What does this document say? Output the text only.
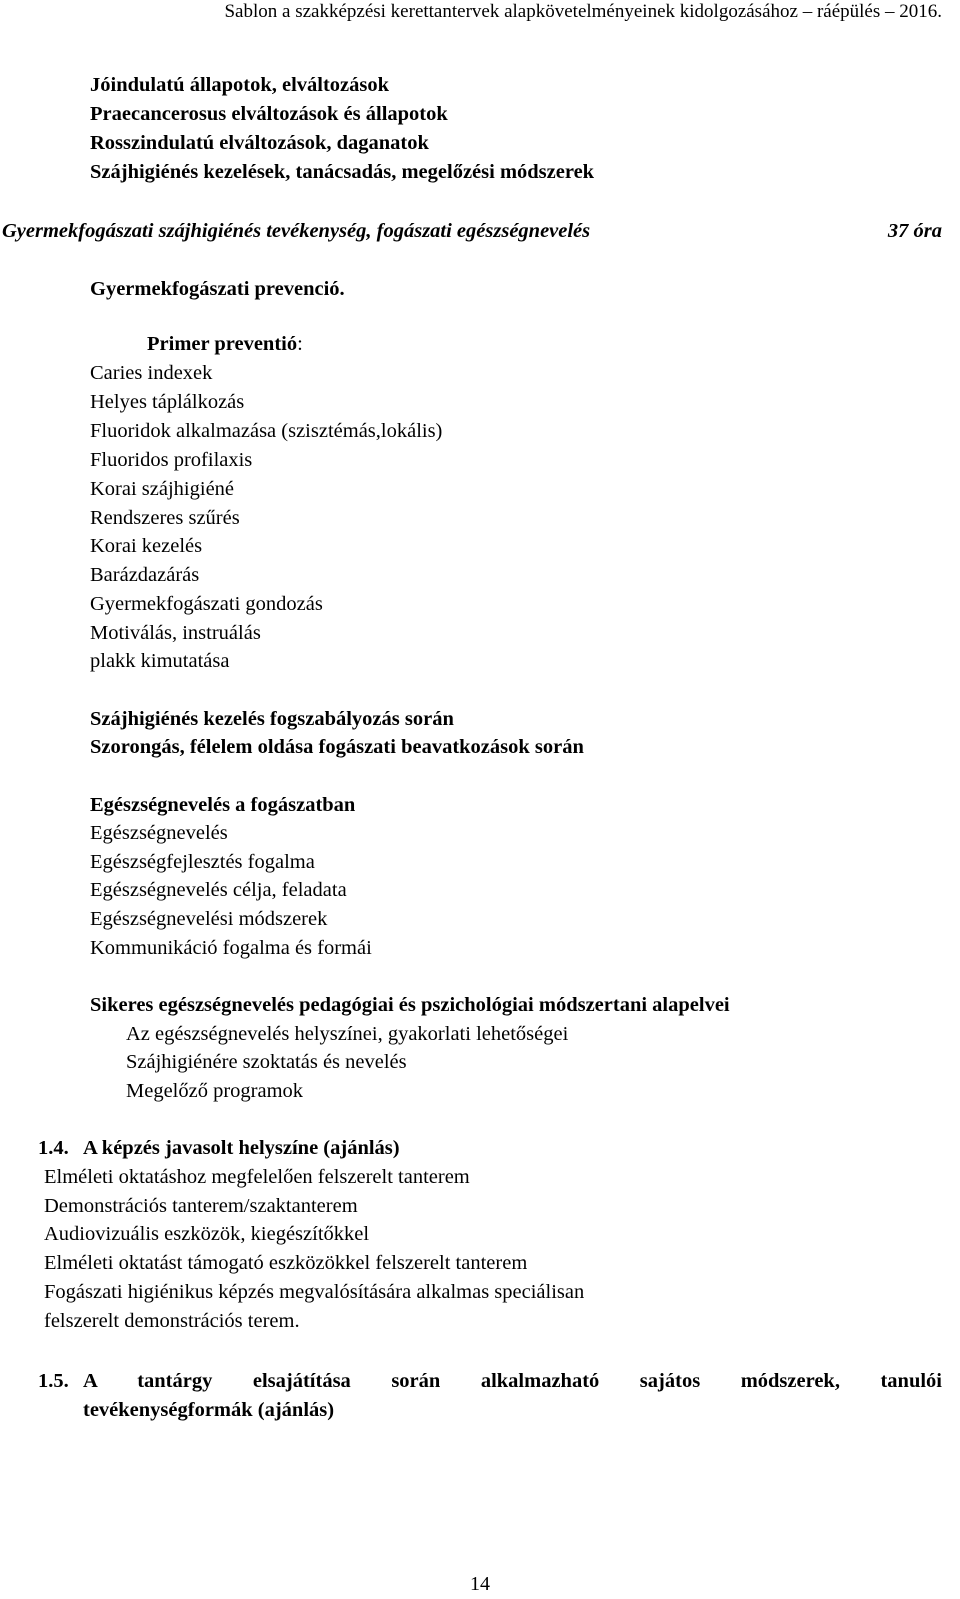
Sablon a szakképzési kerettantervek alapkövetelményeinek kidolgozásához – ráépülés – 2016.
Jóindulatú állapotok, elváltozások
Praecancerosus elváltozások és állapotok
Rosszindulatú elváltozások, daganatok
Szájhigiénés kezelések, tanácsadás, megelőzési módszerek
Gyermekfogászati szájhigiénés tevékenység, fogászati egészségnevelés	37 óra
Gyermekfogászati prevenció.
Primer preventió:
Caries indexek
Helyes táplálkozás
Fluoridok alkalmazása (szisztémás,lokális)
Fluoridos profilaxis
Korai szájhigiéné
Rendszeres szűrés
Korai kezelés
Barázdazárás
Gyermekfogászati gondozás
Motiválás, instruálás
plakk kimutatása
Szájhigiénés kezelés fogszabályozás során
Szorongás, félelem oldása fogászati beavatkozások során
Egészségnevelés a fogászatban
Egészségnevelés
Egészségfejlesztés fogalma
Egészségnevelés célja, feladata
Egészségnevelési módszerek
Kommunikáció fogalma és formái
Sikeres egészségnevelés pedagógiai és pszichológiai módszertani alapelvei
Az egészségnevelés helyszínei, gyakorlati lehetőségei
Szájhigiénére szoktatás és nevelés
Megelőző programok
1.4. A képzés javasolt helyszíne (ajánlás)
Elméleti oktatáshoz megfelelően felszerelt tanterem
Demonstrációs tanterem/szaktanterem
Audiovizuális eszközök, kiegészítőkkel
Elméleti oktatást támogató eszközökkel felszerelt tanterem
Fogászati higiénikus képzés megvalósítására alkalmas speciálisan
felszerelt demonstrációs terem.
1.5. A tantárgy elsajátítása során alkalmazható sajátos módszerek, tanulói
tevékenységformák (ajánlás)
14
